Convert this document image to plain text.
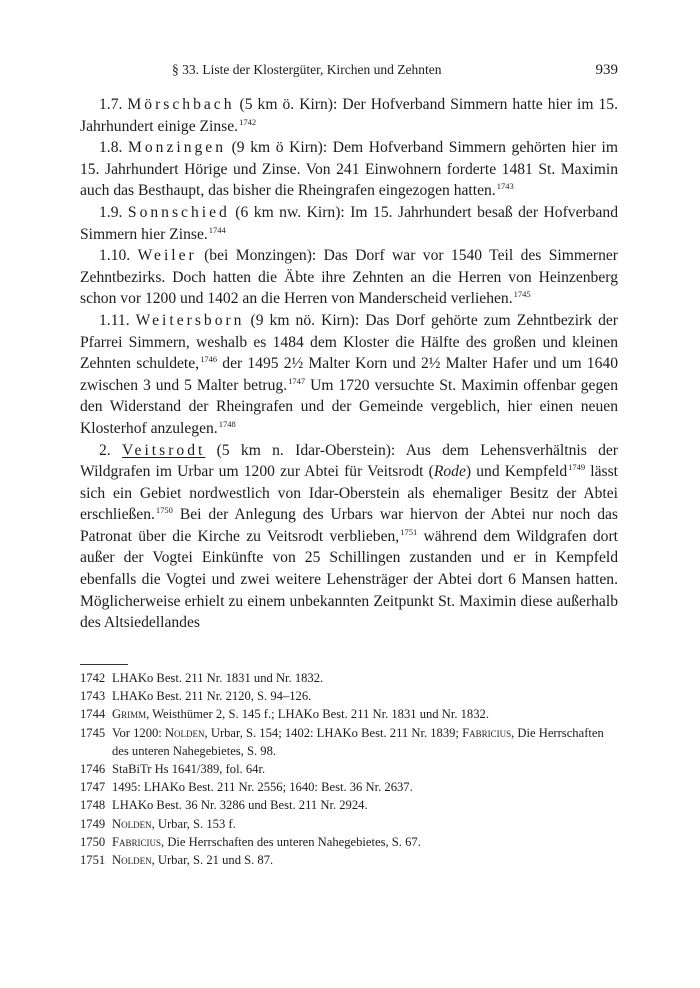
§ 33. Liste der Klostergüter, Kirchen und Zehnten	939

1.7. Mörschbach (5 km ö. Kirn): Der Hofverband Simmern hatte hier im 15. Jahrhundert einige Zinse.$^{1742}$

1.8. Monzingen (9 km ö Kirn): Dem Hofverband Simmern gehörten hier im 15. Jahrhundert Hörige und Zinse. Von 241 Einwohnern forderte 1481 St. Maximin auch das Besthaupt, das bisher die Rheingrafen eingezogen hatten.$^{1743}$

1.9. Sonnschied (6 km nw. Kirn): Im 15. Jahrhundert besaß der Hofverband Simmern hier Zinse.$^{1744}$

1.10. Weiler (bei Monzingen): Das Dorf war vor 1540 Teil des Simmerner Zehntbezirks. Doch hatten die Äbte ihre Zehnten an die Herren von Heinzenberg schon vor 1200 und 1402 an die Herren von Manderscheid verliehen.$^{1745}$

1.11. Weitersborn (9 km nö. Kirn): Das Dorf gehörte zum Zehntbezirk der Pfarrei Simmern, weshalb es 1484 dem Kloster die Hälfte des großen und kleinen Zehnten schuldete,$^{1746}$ der 1495 2½ Malter Korn und 2½ Malter Hafer und um 1640 zwischen 3 und 5 Malter betrug.$^{1747}$ Um 1720 versuchte St. Maximin offenbar gegen den Widerstand der Rheingrafen und der Gemeinde vergeblich, hier einen neuen Klosterhof anzulegen.$^{1748}$

2. Veitsrodt (5 km n. Idar-Oberstein): Aus dem Lehensverhältnis der Wildgrafen im Urbar um 1200 zur Abtei für Veitsrodt (Rode) und Kempfeld$^{1749}$ lässt sich ein Gebiet nordwestlich von Idar-Oberstein als ehemaliger Besitz der Abtei erschließen.$^{1750}$ Bei der Anlegung des Urbars war hiervon der Abtei nur noch das Patronat über die Kirche zu Veitsrodt verblieben,$^{1751}$ während dem Wildgrafen dort außer der Vogtei Einkünfte von 25 Schillingen zustanden und er in Kempfeld ebenfalls die Vogtei und zwei weitere Lehensträger der Abtei dort 6 Mansen hatten. Möglicherweise erhielt zu einem unbekannten Zeitpunkt St. Maximin diese außerhalb des Altsiedellandes

1742 LHAKo Best. 211 Nr. 1831 und Nr. 1832.
1743 LHAKo Best. 211 Nr. 2120, S. 94–126.
1744 Grimm, Weisthümer 2, S. 145 f.; LHAKo Best. 211 Nr. 1831 und Nr. 1832.
1745 Vor 1200: Nolden, Urbar, S. 154; 1402: LHAKo Best. 211 Nr. 1839; Fabricius, Die Herrschaften des unteren Nahegebietes, S. 98.
1746 StaBiTr Hs 1641/389, fol. 64r.
1747 1495: LHAKo Best. 211 Nr. 2556; 1640: Best. 36 Nr. 2637.
1748 LHAKo Best. 36 Nr. 3286 und Best. 211 Nr. 2924.
1749 Nolden, Urbar, S. 153 f.
1750 Fabricius, Die Herrschaften des unteren Nahegebietes, S. 67.
1751 Nolden, Urbar, S. 21 und S. 87.
